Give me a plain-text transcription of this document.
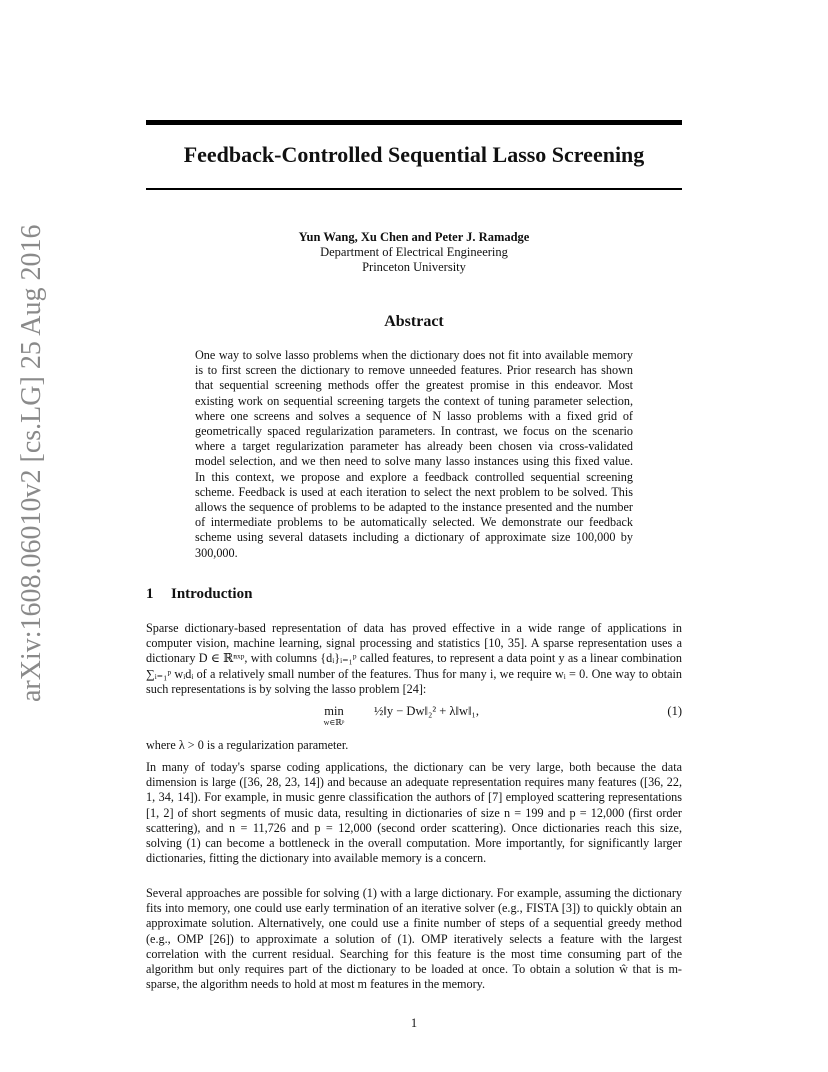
arXiv:1608.06010v2 [cs.LG] 25 Aug 2016
Feedback-Controlled Sequential Lasso Screening
Yun Wang, Xu Chen and Peter J. Ramadge
Department of Electrical Engineering
Princeton University
Abstract
One way to solve lasso problems when the dictionary does not fit into available memory is to first screen the dictionary to remove unneeded features. Prior research has shown that sequential screening methods offer the greatest promise in this endeavor. Most existing work on sequential screening targets the context of tuning parameter selection, where one screens and solves a sequence of N lasso problems with a fixed grid of geometrically spaced regularization parameters. In contrast, we focus on the scenario where a target regularization parameter has already been chosen via cross-validated model selection, and we then need to solve many lasso instances using this fixed value. In this context, we propose and explore a feedback controlled sequential screening scheme. Feedback is used at each iteration to select the next problem to be solved. This allows the sequence of problems to be adapted to the instance presented and the number of intermediate problems to be automatically selected. We demonstrate our feedback scheme using several datasets including a dictionary of approximate size 100,000 by 300,000.
1 Introduction
Sparse dictionary-based representation of data has proved effective in a wide range of applications in computer vision, machine learning, signal processing and statistics [10, 35]. A sparse representation uses a dictionary D ∈ ℝⁿˣᵖ, with columns {dᵢ}ᵢ₌₁ᵖ called features, to represent a data point y as a linear combination ∑ᵢ₌₁ᵖ wᵢdᵢ of a relatively small number of the features. Thus for many i, we require wᵢ = 0. One way to obtain such representations is by solving the lasso problem [24]:
min
w∈ℝᵖ
½‖y − Dw‖₂² + λ‖w‖₁,	(1)
where λ > 0 is a regularization parameter.
In many of today's sparse coding applications, the dictionary can be very large, both because the data dimension is large ([36, 28, 23, 14]) and because an adequate representation requires many features ([36, 22, 1, 34, 14]). For example, in music genre classification the authors of [7] employed scattering representations [1, 2] of short segments of music data, resulting in dictionaries of size n = 199 and p = 12,000 (first order scattering), and n = 11,726 and p = 12,000 (second order scattering). Once dictionaries reach this size, solving (1) can become a bottleneck in the overall computation. More importantly, for significantly larger dictionaries, fitting the dictionary into available memory is a concern.
Several approaches are possible for solving (1) with a large dictionary. For example, assuming the dictionary fits into memory, one could use early termination of an iterative solver (e.g., FISTA [3]) to quickly obtain an approximate solution. Alternatively, one could use a finite number of steps of a sequential greedy method (e.g., OMP [26]) to approximate a solution of (1). OMP iteratively selects a feature with the largest correlation with the current residual. Searching for this feature is the most time consuming part of the algorithm but only requires part of the dictionary to be loaded at once. To obtain a solution ŵ that is m-sparse, the algorithm needs to hold at most m features in the memory.
1
